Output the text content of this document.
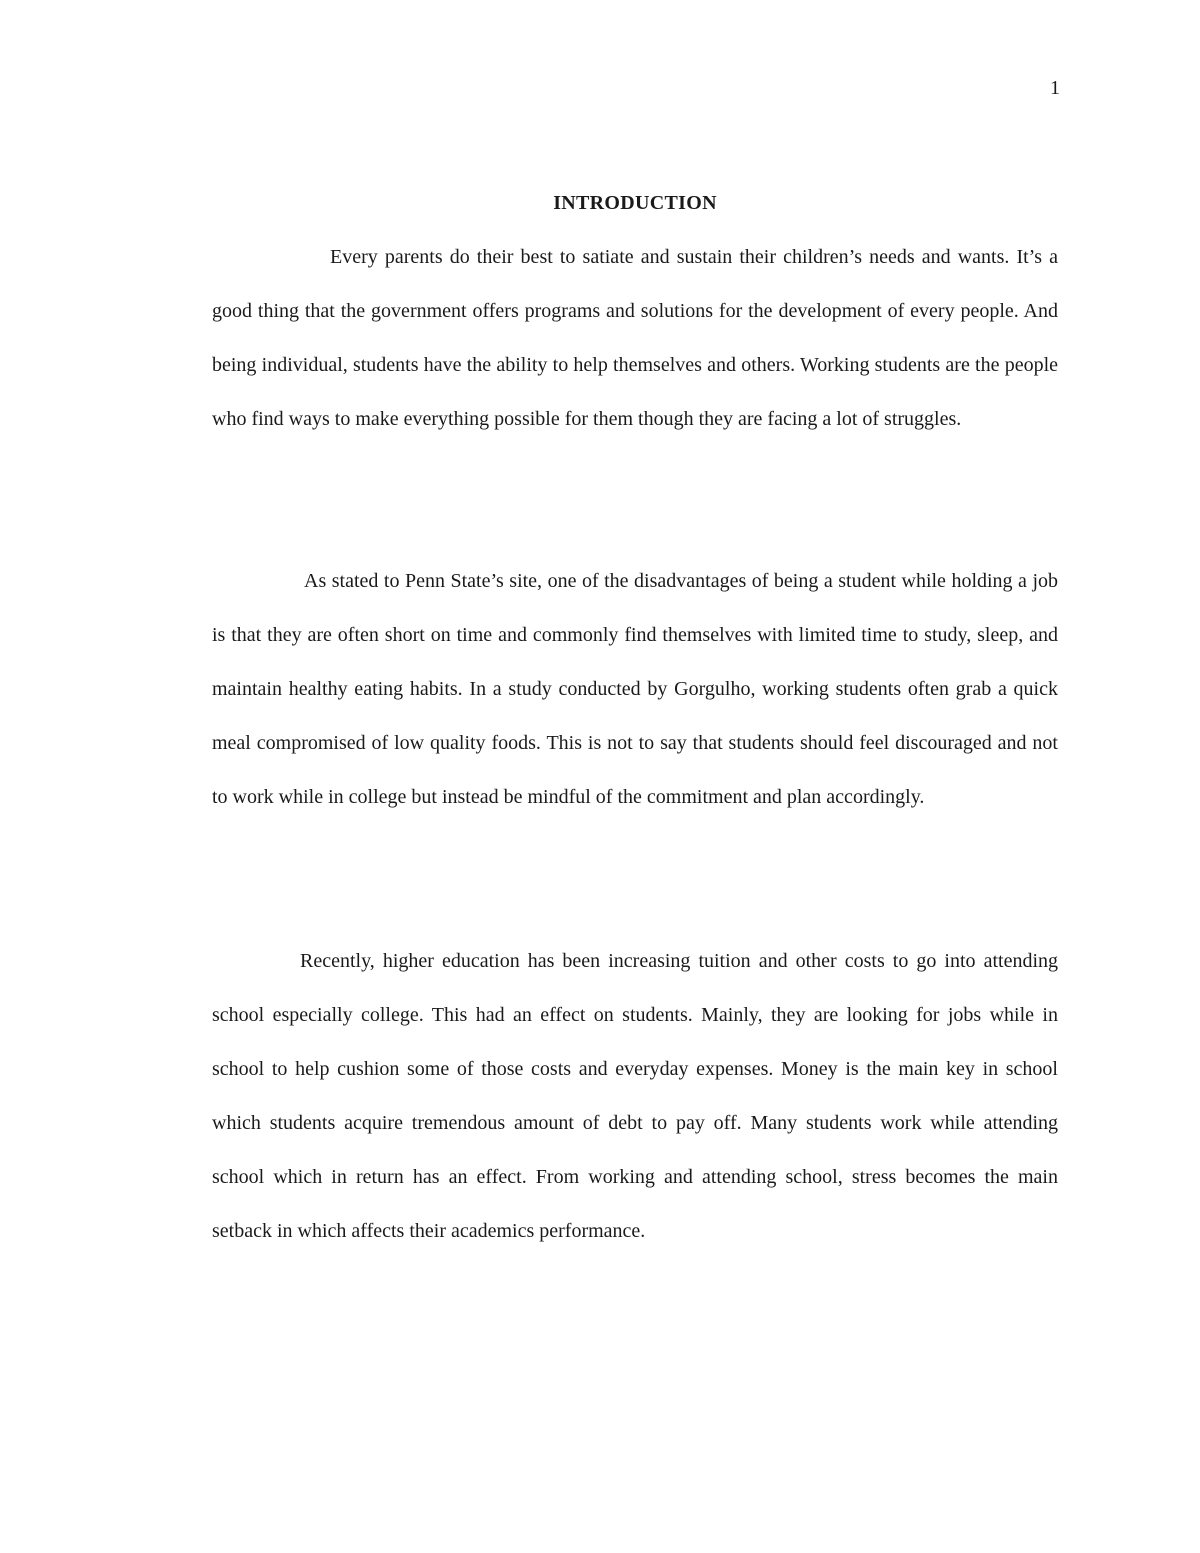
1
INTRODUCTION

Every parents do their best to satiate and sustain their children’s needs and wants. It’s a good thing that the government offers programs and solutions for the development of every people. And being individual, students have the ability to help themselves and others. Working students are the people who find ways to make everything possible for them though they are facing a lot of struggles.

As stated to Penn State’s site, one of the disadvantages of being a student while holding a job is that they are often short on time and commonly find themselves with limited time to study, sleep, and maintain healthy eating habits. In a study conducted by Gorgulho, working students often grab a quick meal compromised of low quality foods. This is not to say that students should feel discouraged and not to work while in college but instead be mindful of the commitment and plan accordingly.

Recently, higher education has been increasing tuition and other costs to go into attending school especially college. This had an effect on students. Mainly, they are looking for jobs while in school to help cushion some of those costs and everyday expenses. Money is the main key in school which students acquire tremendous amount of debt to pay off. Many students work while attending school which in return has an effect. From working and attending school, stress becomes the main setback in which affects their academics performance.
